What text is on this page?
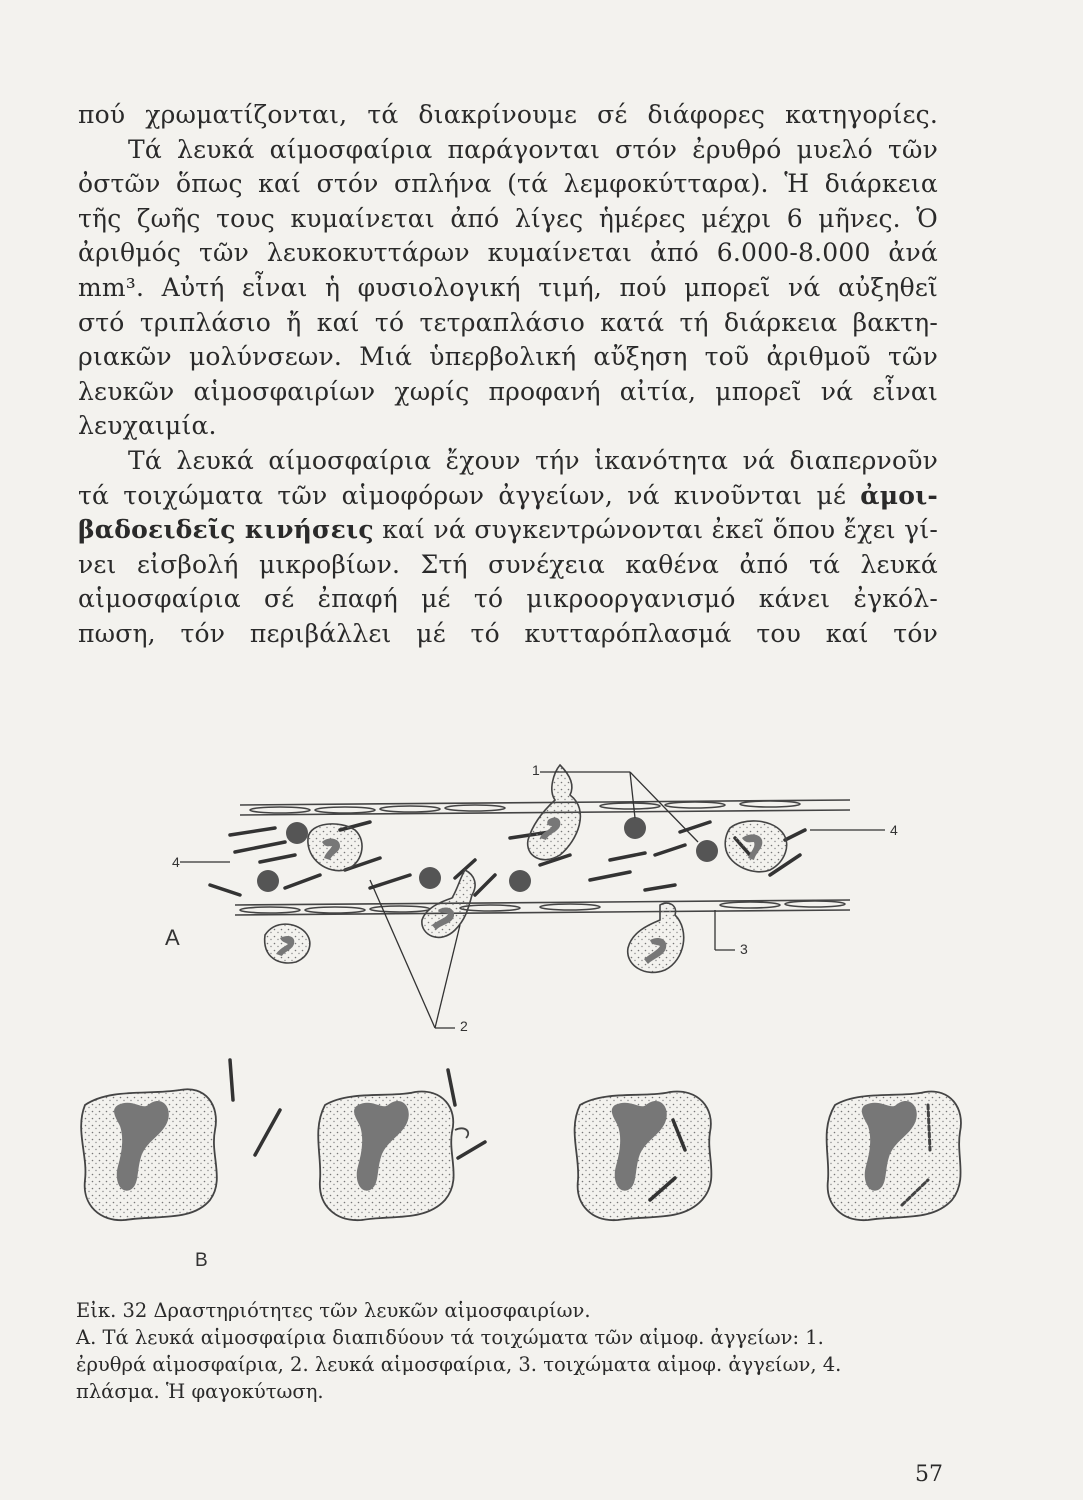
πού χρωματίζονται, τά διακρίνουμε σέ διάφορες κατηγορίες.
Τά λευκά αίμοσφαίρια παράγονται στόν ἐρυθρό μυελό τῶν
ὀστῶν ὅπως καί στόν σπλήνα (τά λεμφοκύτταρα). Ἡ διάρκεια
τῆς ζωῆς τους κυμαίνεται ἀπό λίγες ἡμέρες μέχρι 6 μῆνες. Ὁ
ἀριθμός τῶν λευκοκυττάρων κυμαίνεται ἀπό 6.000-8.000 ἀνά
mm³. Αὐτή εἶναι ἡ φυσιολογική τιμή, πού μπορεῖ νά αὐξηθεῖ
στό τριπλάσιο ἤ καί τό τετραπλάσιο κατά τή διάρκεια βακτη-
ριακῶν μολύνσεων. Μιά ὑπερβολική αὔξηση τοῦ ἀριθμοῦ τῶν
λευκῶν αἱμοσφαιρίων χωρίς προφανή αἰτία, μπορεῖ νά εἶναι
λευχαιμία.
Τά λευκά αίμοσφαίρια ἔχουν τήν ἱκανότητα νά διαπερνοῦν
τά τοιχώματα τῶν αἱμοφόρων ἀγγείων, νά κινοῦνται μέ ἀμοι-
βαδοειδεῖς κινήσεις καί νά συγκεντρώνονται ἐκεῖ ὅπου ἔχει γί-
νει εἰσβολή μικροβίων. Στή συνέχεια καθένα ἀπό τά λευκά
αἱμοσφαίρια σέ ἐπαφή μέ τό μικροοργανισμό κάνει ἐγκόλ-
πωση, τόν περιβάλλει μέ τό κυτταρόπλασμά του καί τόν
A
B
1
2
3
4
4
Εἰκ. 32 Δραστηριότητες τῶν λευκῶν αἱμοσφαιρίων.
Α. Τά λευκά αἱμοσφαίρια διαπιδύουν τά τοιχώματα τῶν αἱμοφ. ἀγγείων: 1.
ἐρυθρά αἱμοσφαίρια, 2. λευκά αἱμοσφαίρια, 3. τοιχώματα αἱμοφ. ἀγγείων, 4.
πλάσμα. Ἡ φαγοκύτωση.
57
